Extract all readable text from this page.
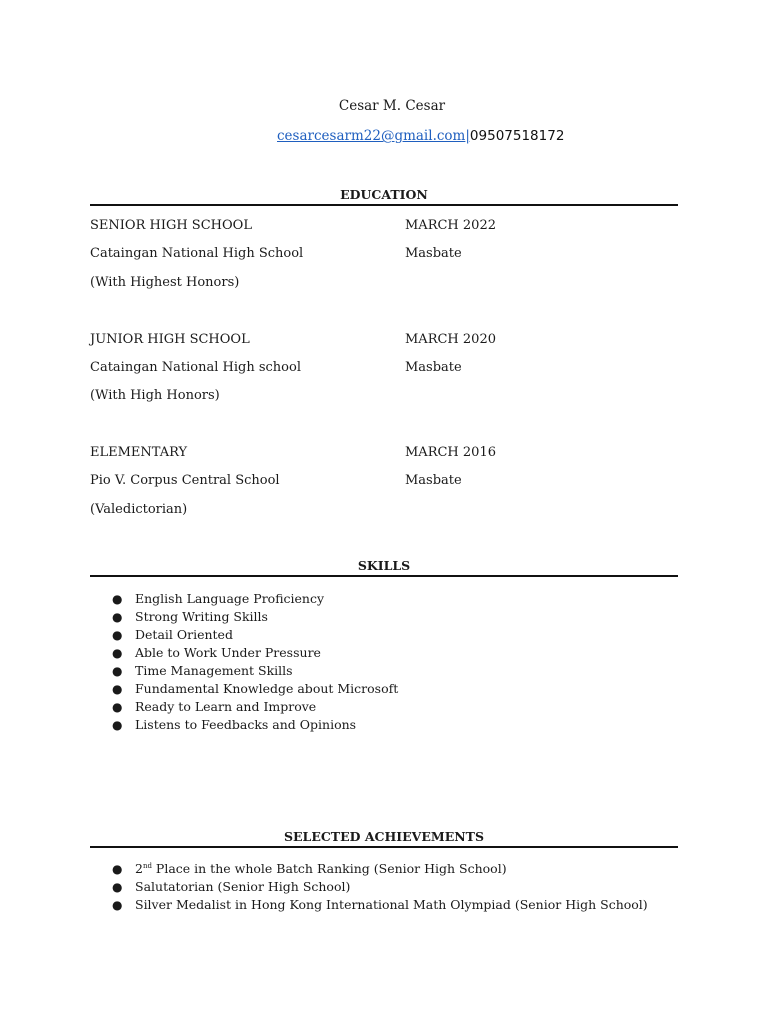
Cesar M. Cesar
cesarcesarm22@gmail.com|09507518172
EDUCATION
SENIOR HIGH SCHOOL	MARCH 2022
Cataingan National High School	Masbate
(With Highest Honors)
JUNIOR HIGH SCHOOL	MARCH 2020
Cataingan National High school	Masbate
(With High Honors)
ELEMENTARY	MARCH 2016
Pio V. Corpus Central School	Masbate
(Valedictorian)
SKILLS
● English Language Proficiency
● Strong Writing Skills
● Detail Oriented
● Able to Work Under Pressure
● Time Management Skills
● Fundamental Knowledge about Microsoft
● Ready to Learn and Improve
● Listens to Feedbacks and Opinions
SELECTED ACHIEVEMENTS
● 2nd Place in the whole Batch Ranking (Senior High School)
● Salutatorian (Senior High School)
● Silver Medalist in Hong Kong International Math Olympiad (Senior High School)
